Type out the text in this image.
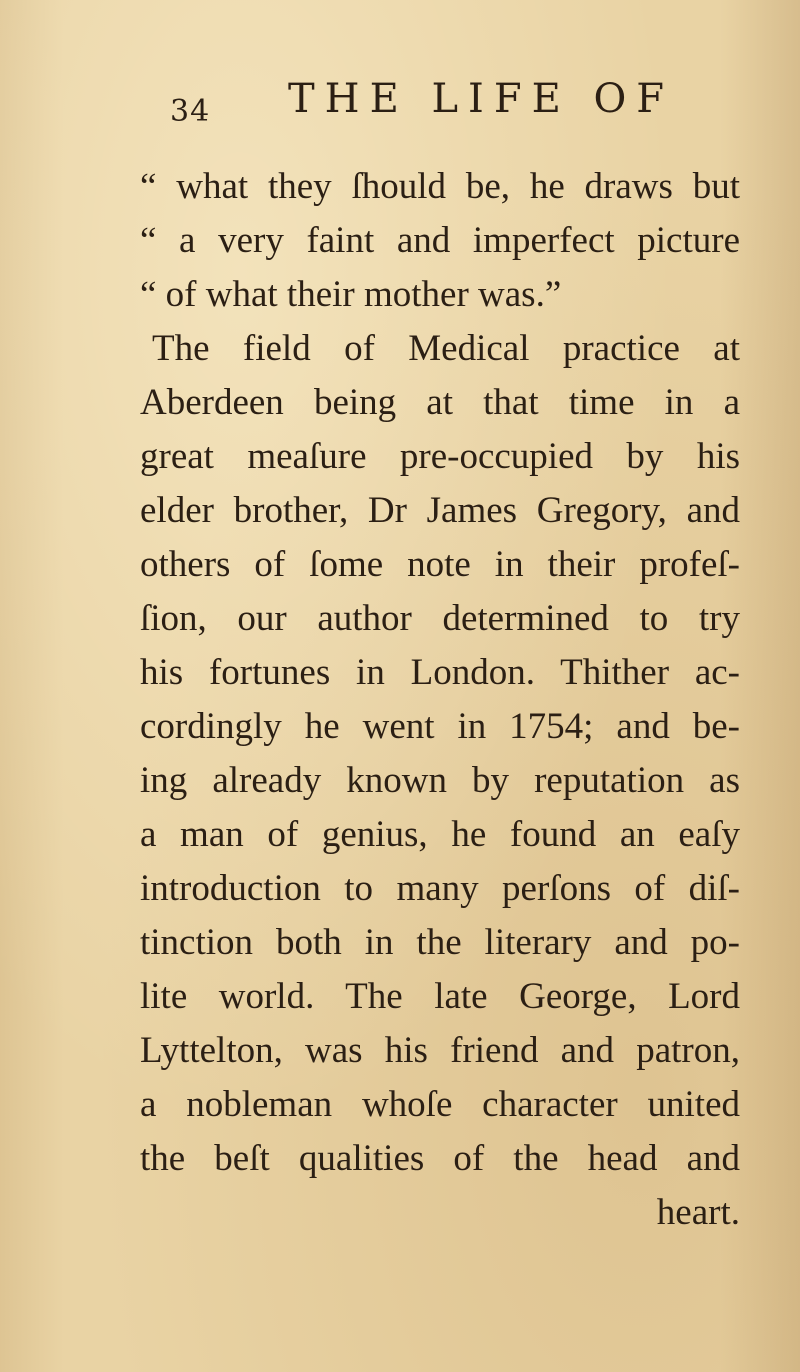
34 THE LIFE OF
“ what they ſhould be, he draws but
“ a very faint and imperfect picture
“ of what their mother was.”
The field of Medical practice at
Aberdeen being at that time in a
great meaſure pre-occupied by his
elder brother, Dr James Gregory, and
others of ſome note in their profeſ-
ſion, our author determined to try
his fortunes in London. Thither ac-
cordingly he went in 1754; and be-
ing already known by reputation as
a man of genius, he found an eaſy
introduction to many perſons of diſ-
tinction both in the literary and po-
lite world. The late George, Lord
Lyttelton, was his friend and patron,
a nobleman whoſe character united
the beſt qualities of the head and
heart.
